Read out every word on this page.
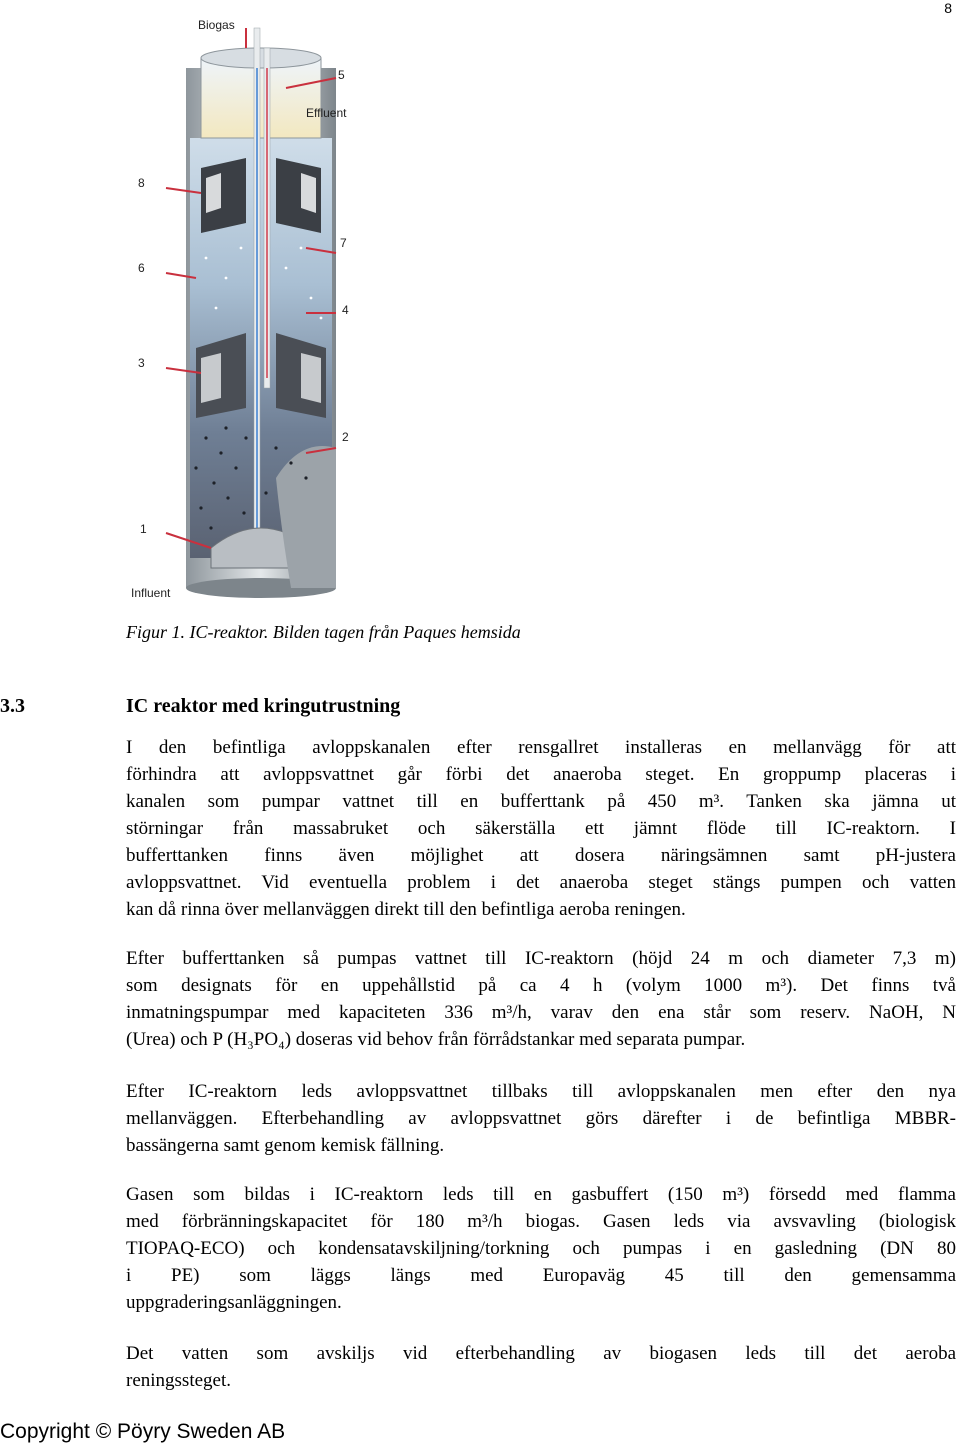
8
Biogas
Effluent
Influent
5
8
7
6
4
3
2
1
Figur 1. IC-reaktor. Bilden tagen från Paques hemsida
3.3	IC reaktor med kringutrustning
I den befintliga avloppskanalen efter rensgallret installeras en mellanvägg för att
förhindra att avloppsvattnet går förbi det anaeroba steget. En groppump placeras i
kanalen som pumpar vattnet till en bufferttank på 450 m³. Tanken ska jämna ut
störningar från massabruket och säkerställa ett jämnt flöde till IC-reaktorn. I
bufferttanken finns även möjlighet att dosera näringsämnen samt pH-justera
avloppsvattnet. Vid eventuella problem i det anaeroba steget stängs pumpen och vatten
kan då rinna över mellanväggen direkt till den befintliga aeroba reningen.
Efter bufferttanken så pumpas vattnet till IC-reaktorn (höjd 24 m och diameter 7,3 m)
som designats för en uppehållstid på ca 4 h (volym 1000 m³). Det finns två
inmatningspumpar med kapaciteten 336 m³/h, varav den ena står som reserv. NaOH, N
(Urea) och P (H₃PO₄) doseras vid behov från förrådstankar med separata pumpar.
Efter IC-reaktorn leds avloppsvattnet tillbaks till avloppskanalen men efter den nya
mellanväggen. Efterbehandling av avloppsvattnet görs därefter i de befintliga MBBR-
bassängerna samt genom kemisk fällning.
Gasen som bildas i IC-reaktorn leds till en gasbuffert (150 m³) försedd med flamma
med förbränningskapacitet för 180 m³/h biogas. Gasen leds via avsvavling (biologisk
TIOPAQ-ECO) och kondensatavskiljning/torkning och pumpas i en gasledning (DN 80
i PE) som läggs längs med Europaväg 45 till den gemensamma
uppgraderingsanläggningen.
Det vatten som avskiljs vid efterbehandling av biogasen leds till det aeroba
reningssteget.
Copyright © Pöyry Sweden AB
